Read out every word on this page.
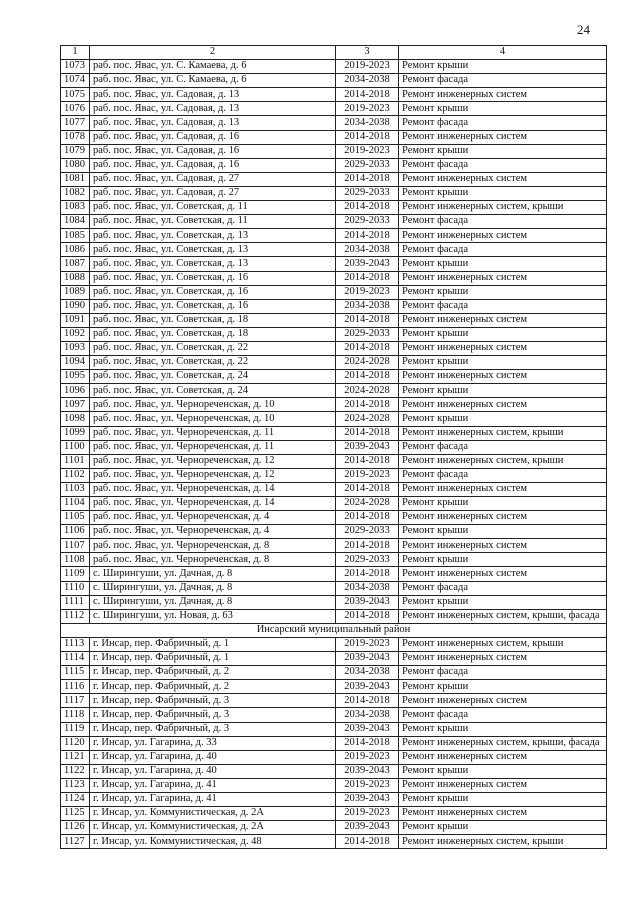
24
1	2	3	4
1073	раб. пос. Явас, ул. С. Камаева, д. 6	2019-2023	Ремонт крыши
1074	раб. пос. Явас, ул. С. Камаева, д. 6	2034-2038	Ремонт фасада
1075	раб. пос. Явас, ул. Садовая, д. 13	2014-2018	Ремонт инженерных систем
1076	раб. пос. Явас, ул. Садовая, д. 13	2019-2023	Ремонт крыши
1077	раб. пос. Явас, ул. Садовая, д. 13	2034-2038	Ремонт фасада
1078	раб. пос. Явас, ул. Садовая, д. 16	2014-2018	Ремонт инженерных систем
1079	раб. пос. Явас, ул. Садовая, д. 16	2019-2023	Ремонт крыши
1080	раб. пос. Явас, ул. Садовая, д. 16	2029-2033	Ремонт фасада
1081	раб. пос. Явас, ул. Садовая, д. 27	2014-2018	Ремонт инженерных систем
1082	раб. пос. Явас, ул. Садовая, д. 27	2029-2033	Ремонт крыши
1083	раб. пос. Явас, ул. Советская, д. 11	2014-2018	Ремонт инженерных систем, крыши
1084	раб. пос. Явас, ул. Советская, д. 11	2029-2033	Ремонт фасада
1085	раб. пос. Явас, ул. Советская, д. 13	2014-2018	Ремонт инженерных систем
1086	раб. пос. Явас, ул. Советская, д. 13	2034-2038	Ремонт фасада
1087	раб. пос. Явас, ул. Советская, д. 13	2039-2043	Ремонт крыши
1088	раб. пос. Явас, ул. Советская, д. 16	2014-2018	Ремонт инженерных систем
1089	раб. пос. Явас, ул. Советская, д. 16	2019-2023	Ремонт крыши
1090	раб. пос. Явас, ул. Советская, д. 16	2034-2038	Ремонт фасада
1091	раб. пос. Явас, ул. Советская, д. 18	2014-2018	Ремонт инженерных систем
1092	раб. пос. Явас, ул. Советская, д. 18	2029-2033	Ремонт крыши
1093	раб. пос. Явас, ул. Советская, д. 22	2014-2018	Ремонт инженерных систем
1094	раб. пос. Явас, ул. Советская, д. 22	2024-2028	Ремонт крыши
1095	раб. пос. Явас, ул. Советская, д. 24	2014-2018	Ремонт инженерных систем
1096	раб. пос. Явас, ул. Советская, д. 24	2024-2028	Ремонт крыши
1097	раб. пос. Явас, ул. Чернореченская, д. 10	2014-2018	Ремонт инженерных систем
1098	раб. пос. Явас, ул. Чернореченская, д. 10	2024-2028	Ремонт крыши
1099	раб. пос. Явас, ул. Чернореченская, д. 11	2014-2018	Ремонт инженерных систем, крыши
1100	раб. пос. Явас, ул. Чернореченская, д. 11	2039-2043	Ремонт фасада
1101	раб. пос. Явас, ул. Чернореченская, д. 12	2014-2018	Ремонт инженерных систем, крыши
1102	раб. пос. Явас, ул. Чернореченская, д. 12	2019-2023	Ремонт фасада
1103	раб. пос. Явас, ул. Чернореченская, д. 14	2014-2018	Ремонт инженерных систем
1104	раб. пос. Явас, ул. Чернореченская, д. 14	2024-2028	Ремонт крыши
1105	раб. пос. Явас, ул. Чернореченская, д. 4	2014-2018	Ремонт инженерных систем
1106	раб. пос. Явас, ул. Чернореченская, д. 4	2029-2033	Ремонт крыши
1107	раб. пос. Явас, ул. Чернореченская, д. 8	2014-2018	Ремонт инженерных систем
1108	раб. пос. Явас, ул. Чернореченская, д. 8	2029-2033	Ремонт крыши
1109	с. Ширингуши, ул. Дачная, д. 8	2014-2018	Ремонт инженерных систем
1110	с. Ширингуши, ул. Дачная, д. 8	2034-2038	Ремонт фасада
1111	с. Ширингуши, ул. Дачная, д. 8	2039-2043	Ремонт крыши
1112	с. Ширингуши, ул. Новая, д. 63	2014-2018	Ремонт инженерных систем, крыши, фасада
Инсарский муниципальный район			
1113	г. Инсар, пер. Фабричный, д. 1	2019-2023	Ремонт инженерных систем, крыши
1114	г. Инсар, пер. Фабричный, д. 1	2039-2043	Ремонт инженерных систем
1115	г. Инсар, пер. Фабричный, д. 2	2034-2038	Ремонт фасада
1116	г. Инсар, пер. Фабричный, д. 2	2039-2043	Ремонт крыши
1117	г. Инсар, пер. Фабричный, д. 3	2014-2018	Ремонт инженерных систем
1118	г. Инсар, пер. Фабричный, д. 3	2034-2038	Ремонт фасада
1119	г. Инсар, пер. Фабричный, д. 3	2039-2043	Ремонт крыши
1120	г. Инсар, ул. Гагарина, д. 33	2014-2018	Ремонт инженерных систем, крыши, фасада
1121	г. Инсар, ул. Гагарина, д. 40	2019-2023	Ремонт инженерных систем
1122	г. Инсар, ул. Гагарина, д. 40	2039-2043	Ремонт крыши
1123	г. Инсар, ул. Гагарина, д. 41	2019-2023	Ремонт инженерных систем
1124	г. Инсар, ул. Гагарина, д. 41	2039-2043	Ремонт крыши
1125	г. Инсар, ул. Коммунистическая, д. 2А	2019-2023	Ремонт инженерных систем
1126	г. Инсар, ул. Коммунистическая, д. 2А	2039-2043	Ремонт крыши
1127	г. Инсар, ул. Коммунистическая, д. 48	2014-2018	Ремонт инженерных систем, крыши
